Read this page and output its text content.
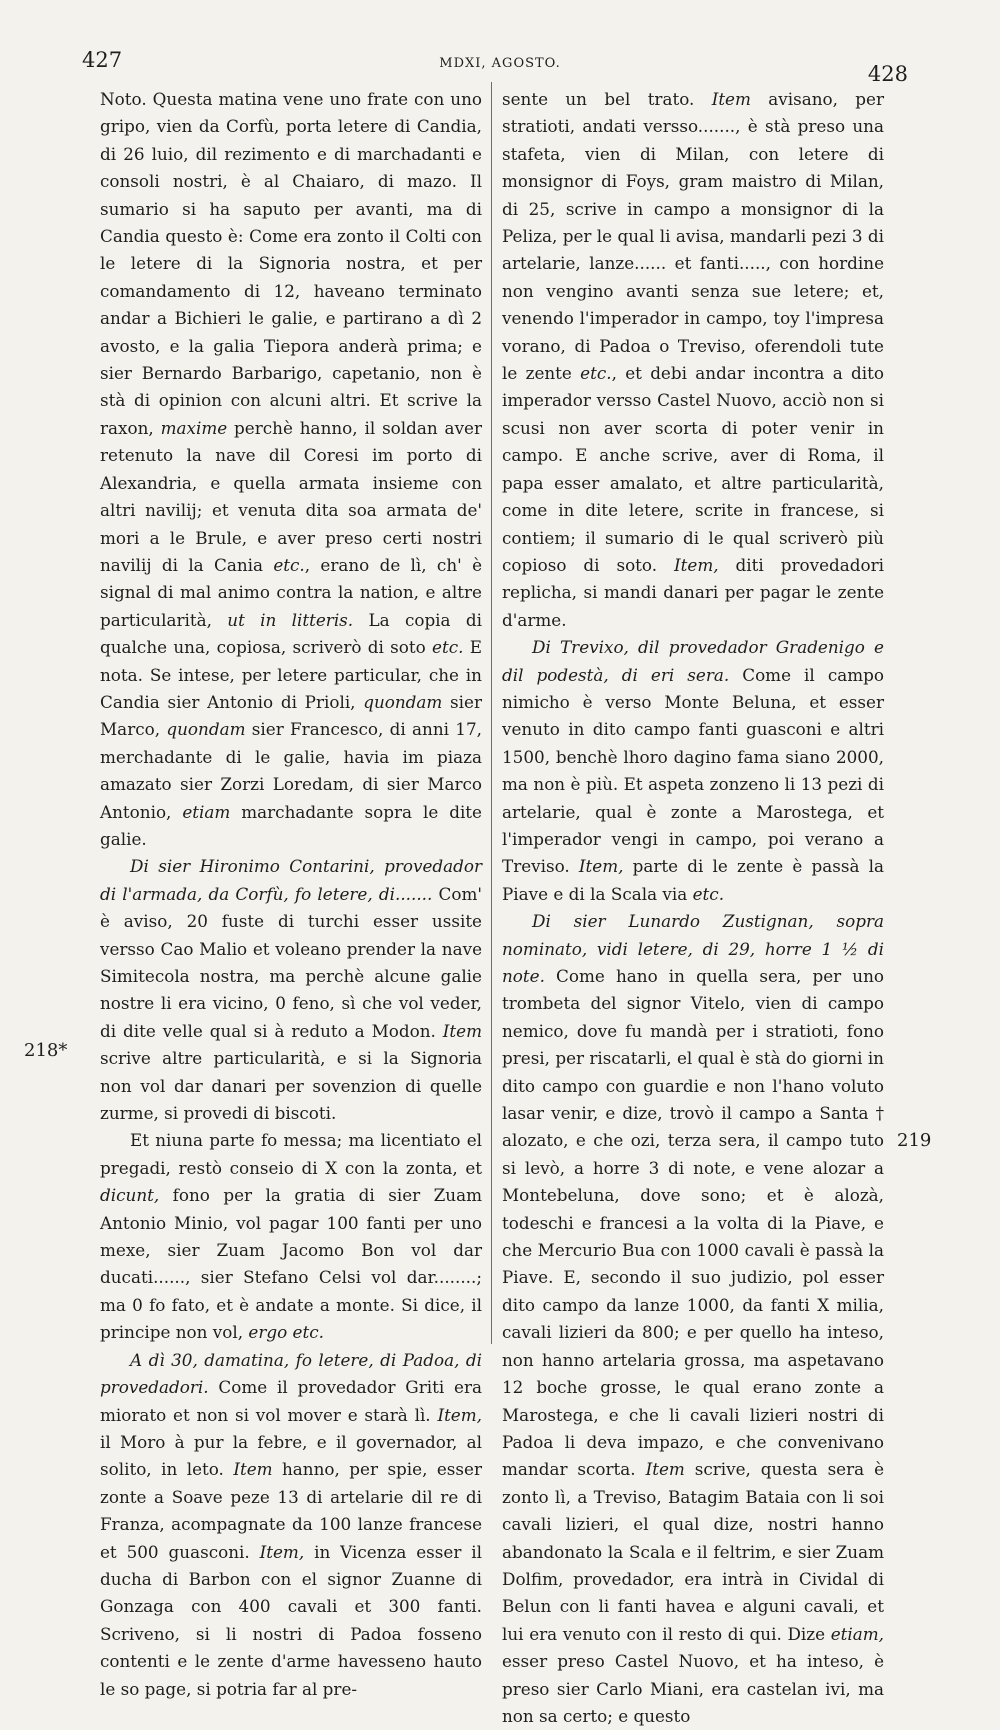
427	MDXI, AGOSTO.	428
218*
219

Noto. Questa matina vene uno frate con uno gripo, vien da Corfù, porta letere di Candia, di 26 luio, dil rezimento e di marchadanti e consoli nostri, è al Chaiaro, di mazo. Il sumario si ha saputo per avanti, ma di Candia questo è: Come era zonto il Colti con le letere di la Signoria nostra, et per comandamento di 12, haveano terminato andar a Bichieri le galie, e partirano a dì 2 avosto, e la galia Tiepora anderà prima; e sier Bernardo Barbarigo, capetanio, non è stà di opinion con alcuni altri. Et scrive la raxon, maxime perchè hanno, il soldan aver retenuto la nave dil Coresi im porto di Alexandria, e quella armata insieme con altri navilij; et venuta dita soa armata de' mori a le Brule, e aver preso certi nostri navilij di la Cania etc., erano de lì, ch' è signal di mal animo contra la nation, e altre particularità, ut in litteris. La copia di qualche una, copiosa, scriverò di soto etc. E nota. Se intese, per letere particular, che in Candia sier Antonio di Prioli, quondam sier Marco, quondam sier Francesco, di anni 17, merchadante di le galie, havia im piaza amazato sier Zorzi Loredam, di sier Marco Antonio, etiam marchadante sopra le dite galie.

Di sier Hironimo Contarini, provedador di l'armada, da Corfù, fo letere, di....... Com' è aviso, 20 fuste di turchi esser ussite versso Cao Malio et voleano prender la nave Simitecola nostra, ma perchè alcune galie nostre li era vicino, 0 feno, sì che vol veder, di dite velle qual si à reduto a Modon. Item scrive altre particularità, e si la Signoria non vol dar danari per sovenzion di quelle zurme, si provedi di biscoti.

Et niuna parte fo messa; ma licentiato el pregadi, restò conseio di X con la zonta, et dicunt, fono per la gratia di sier Zuam Antonio Minio, vol pagar 100 fanti per uno mexe, sier Zuam Jacomo Bon vol dar ducati......, sier Stefano Celsi vol dar........; ma 0 fo fato, et è andate a monte. Si dice, il principe non vol, ergo etc.

A dì 30, damatina, fo letere, di Padoa, di provedadori. Come il provedador Griti era miorato et non si vol mover e starà lì. Item, il Moro à pur la febre, e il governador, al solito, in leto. Item hanno, per spie, esser zonte a Soave peze 13 di artelarie dil re di Franza, acompagnate da 100 lanze francese et 500 guasconi. Item, in Vicenza esser il ducha di Barbon con el signor Zuanne di Gonzaga con 400 cavali et 300 fanti. Scriveno, si li nostri di Padoa fosseno contenti e le zente d'arme havesseno hauto le so page, si potria far al pre-

sente un bel trato. Item avisano, per stratioti, andati versso......., è stà preso una stafeta, vien di Milan, con letere di monsignor di Foys, gram maistro di Milan, di 25, scrive in campo a monsignor di la Peliza, per le qual li avisa, mandarli pezi 3 di artelarie, lanze...... et fanti....., con hordine non vengino avanti senza sue letere; et, venendo l'imperador in campo, toy l'impresa vorano, di Padoa o Treviso, oferendoli tute le zente etc., et debi andar incontra a dito imperador versso Castel Nuovo, acciò non si scusi non aver scorta di poter venir in campo. E anche scrive, aver di Roma, il papa esser amalato, et altre particularità, come in dite letere, scrite in francese, si contiem; il sumario di le qual scriverò più copioso di soto. Item, diti provedadori replicha, si mandi danari per pagar le zente d'arme.

Di Trevixo, dil provedador Gradenigo e dil podestà, di eri sera. Come il campo nimicho è verso Monte Beluna, et esser venuto in dito campo fanti guasconi e altri 1500, benchè lhoro dagino fama siano 2000, ma non è più. Et aspeta zonzeno li 13 pezi di artelarie, qual è zonte a Marostega, et l'imperador vengi in campo, poi verano a Treviso. Item, parte di le zente è passà la Piave e di la Scala via etc.

Di sier Lunardo Zustignan, sopra nominato, vidi letere, di 29, horre 1 ½ di note. Come hano in quella sera, per uno trombeta del signor Vitelo, vien di campo nemico, dove fu mandà per i stratioti, fono presi, per riscatarli, el qual è stà do giorni in dito campo con guardie e non l'hano voluto lasar venir, e dize, trovò il campo a Santa † alozato, e che ozi, terza sera, il campo tuto si levò, a horre 3 di note, e vene alozar a Montebeluna, dove sono; et è alozà, todeschi e francesi a la volta di la Piave, e che Mercurio Bua con 1000 cavali è passà la Piave. E, secondo il suo judizio, pol esser dito campo da lanze 1000, da fanti X milia, cavali lizieri da 800; e per quello ha inteso, non hanno artelaria grossa, ma aspetavano 12 boche grosse, le qual erano zonte a Marostega, e che li cavali lizieri nostri di Padoa li deva impazo, e che convenivano mandar scorta. Item scrive, questa sera è zonto lì, a Treviso, Batagim Bataia con li soi cavali lizieri, el qual dize, nostri hanno abandonato la Scala e il feltrim, e sier Zuam Dolfim, provedador, era intrà in Cividal di Belun con li fanti havea e alguni cavali, et lui era venuto con il resto di qui. Dize etiam, esser preso Castel Nuovo, et ha inteso, è preso sier Carlo Miani, era castelan ivi, ma non sa certo; e questo
